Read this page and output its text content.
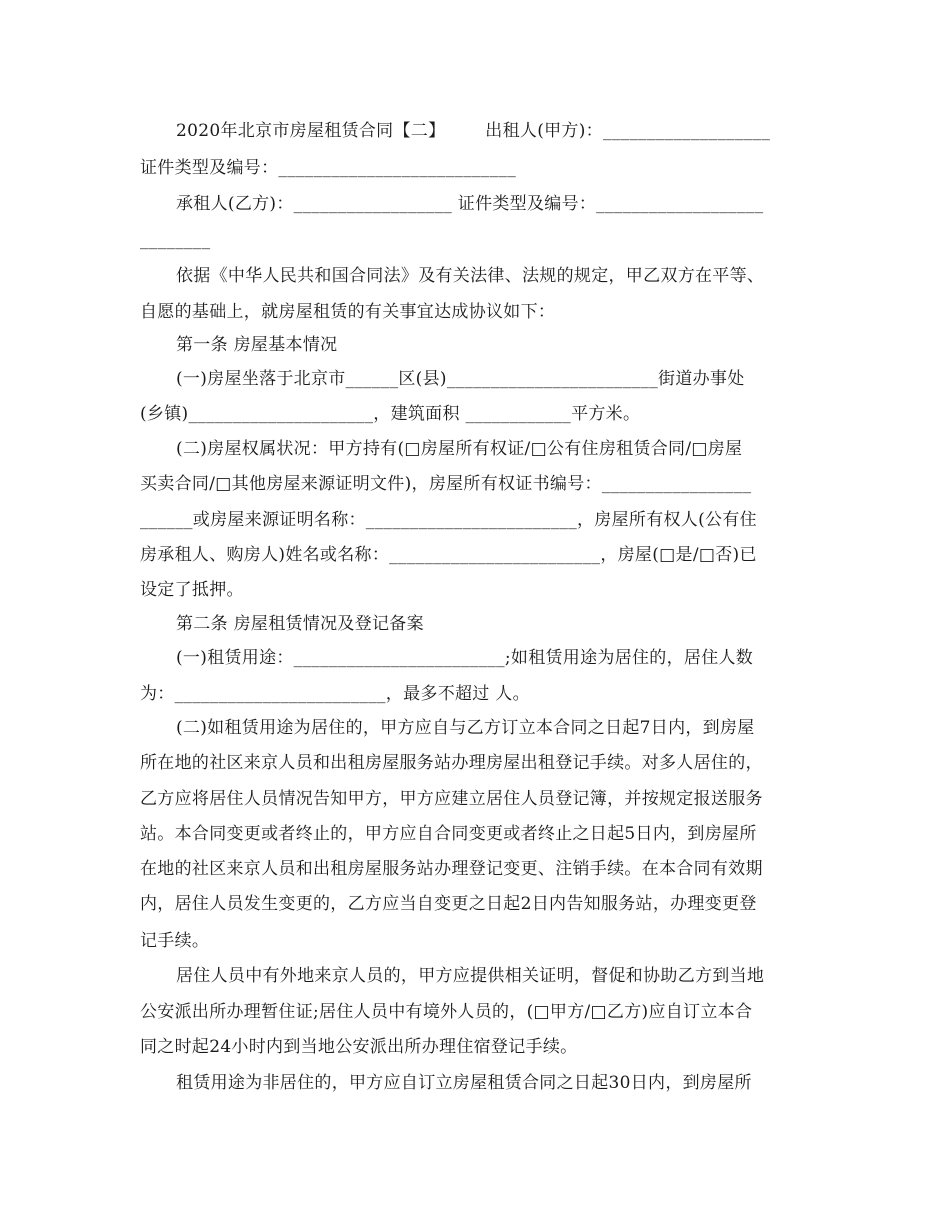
2020年北京市房屋租赁合同【二】       出租人(甲方)：___________________
证件类型及编号：___________________________
承租人(乙方)：__________________ 证件类型及编号：___________________
________
依据《中华人民共和国合同法》及有关法律、法规的规定，甲乙双方在平等、
自愿的基础上，就房屋租赁的有关事宜达成协议如下：
第一条 房屋基本情况
(一)房屋坐落于北京市______区(县)________________________街道办事处
(乡镇)_____________________，建筑面积 ____________平方米。
(二)房屋权属状况：甲方持有(□房屋所有权证/□公有住房租赁合同/□房屋
买卖合同/□其他房屋来源证明文件)，房屋所有权证书编号：_________________
______或房屋来源证明名称：________________________，房屋所有权人(公有住
房承租人、购房人)姓名或名称：________________________，房屋(□是/□否)已
设定了抵押。
第二条 房屋租赁情况及登记备案
(一)租赁用途：________________________;如租赁用途为居住的，居住人数
为：________________________，最多不超过 人。
(二)如租赁用途为居住的，甲方应自与乙方订立本合同之日起7日内，到房屋
所在地的社区来京人员和出租房屋服务站办理房屋出租登记手续。对多人居住的，
乙方应将居住人员情况告知甲方，甲方应建立居住人员登记簿，并按规定报送服务
站。本合同变更或者终止的，甲方应自合同变更或者终止之日起5日内，到房屋所
在地的社区来京人员和出租房屋服务站办理登记变更、注销手续。在本合同有效期
内，居住人员发生变更的，乙方应当自变更之日起2日内告知服务站，办理变更登
记手续。
居住人员中有外地来京人员的，甲方应提供相关证明，督促和协助乙方到当地
公安派出所办理暂住证;居住人员中有境外人员的，(□甲方/□乙方)应自订立本合
同之时起24小时内到当地公安派出所办理住宿登记手续。
租赁用途为非居住的，甲方应自订立房屋租赁合同之日起30日内，到房屋所
